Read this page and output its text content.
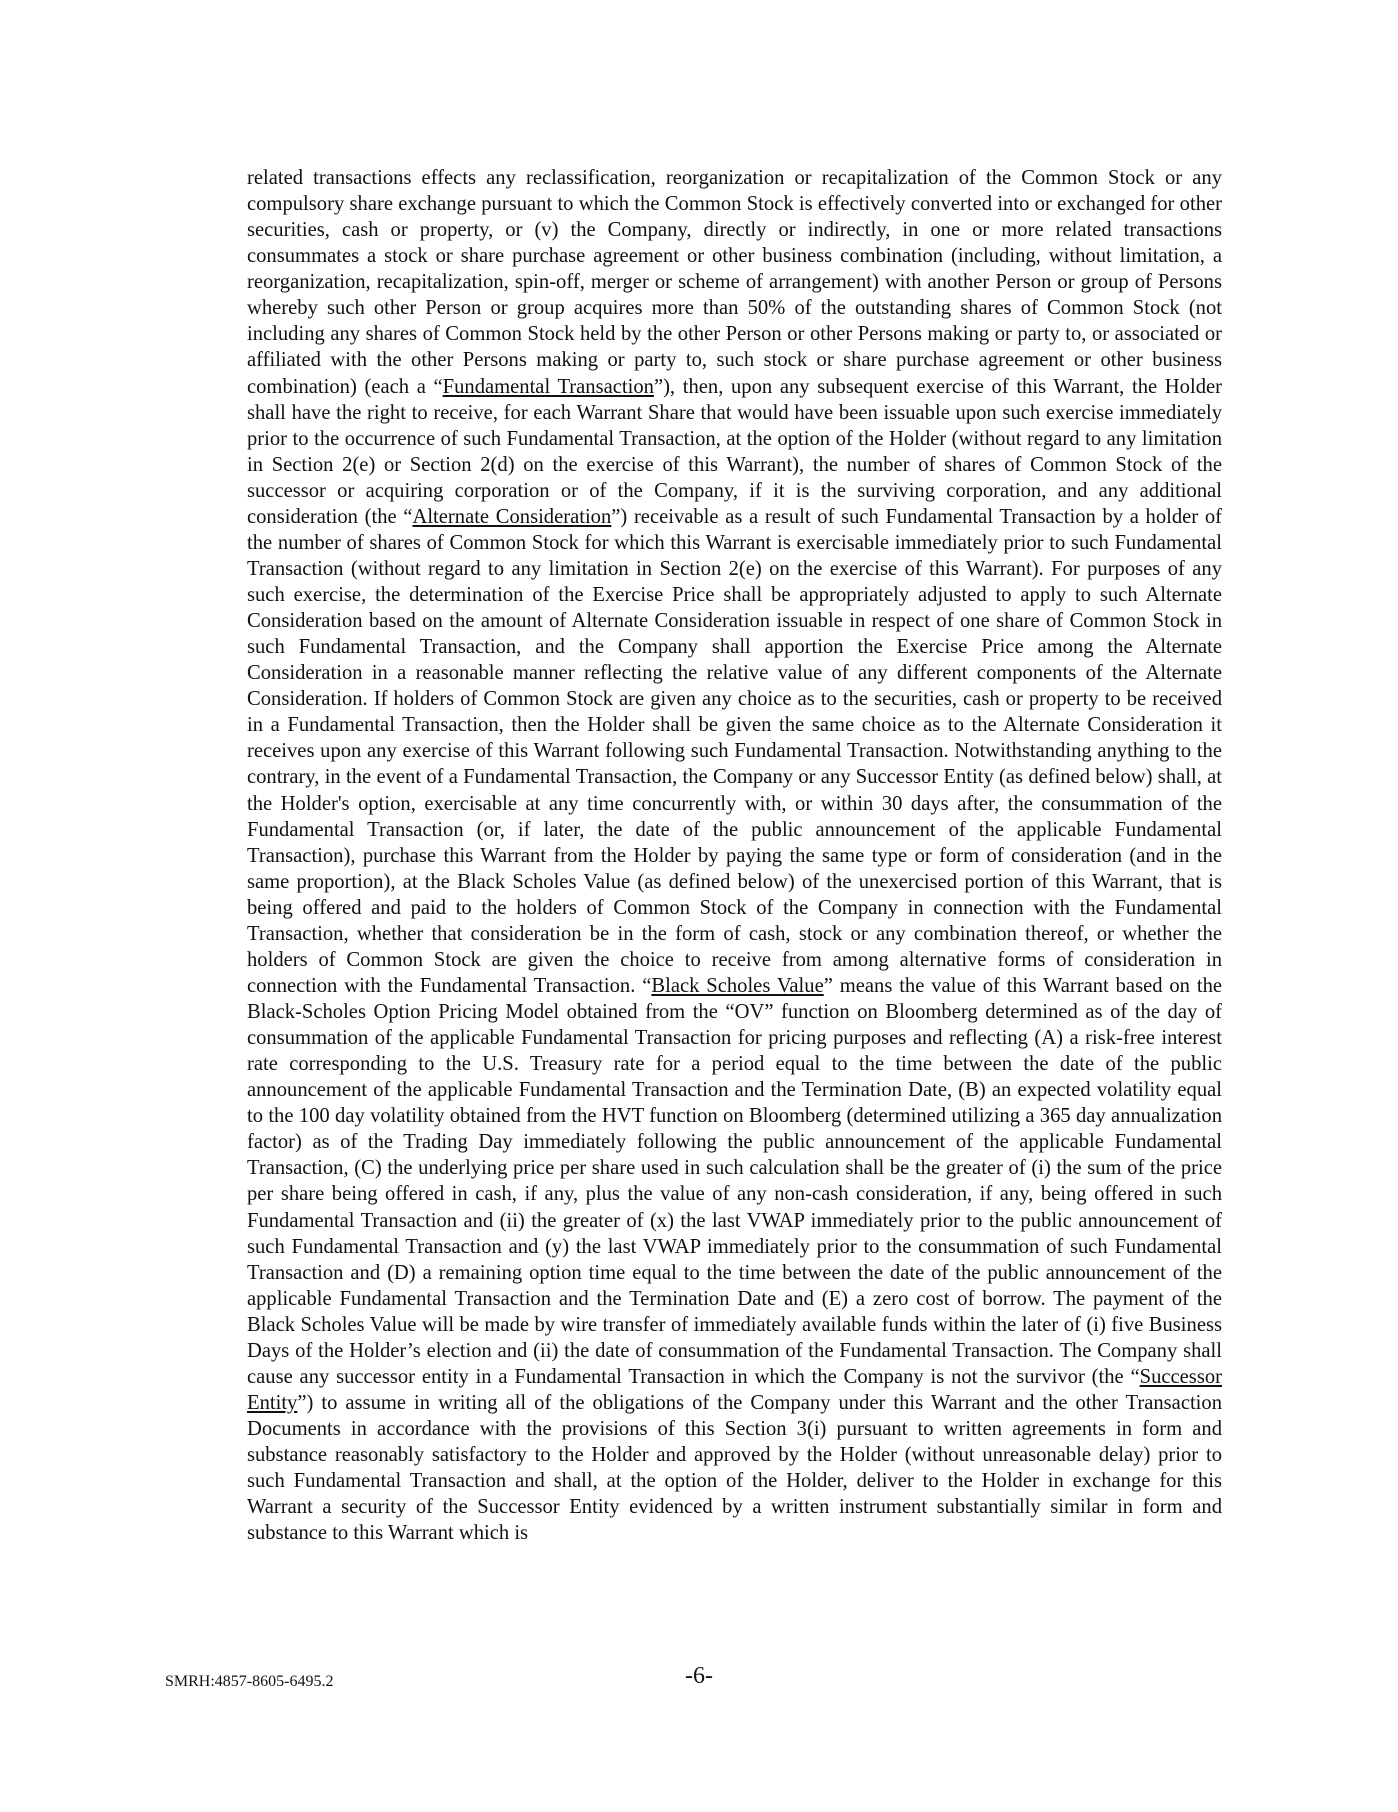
related transactions effects any reclassification, reorganization or recapitalization of the Common Stock or any compulsory share exchange pursuant to which the Common Stock is effectively converted into or exchanged for other securities, cash or property, or (v) the Company, directly or indirectly, in one or more related transactions consummates a stock or share purchase agreement or other business combination (including, without limitation, a reorganization, recapitalization, spin-off, merger or scheme of arrangement) with another Person or group of Persons whereby such other Person or group acquires more than 50% of the outstanding shares of Common Stock (not including any shares of Common Stock held by the other Person or other Persons making or party to, or associated or affiliated with the other Persons making or party to, such stock or share purchase agreement or other business combination) (each a “Fundamental Transaction”), then, upon any subsequent exercise of this Warrant, the Holder shall have the right to receive, for each Warrant Share that would have been issuable upon such exercise immediately prior to the occurrence of such Fundamental Transaction, at the option of the Holder (without regard to any limitation in Section 2(e) or Section 2(d) on the exercise of this Warrant), the number of shares of Common Stock of the successor or acquiring corporation or of the Company, if it is the surviving corporation, and any additional consideration (the “Alternate Consideration”) receivable as a result of such Fundamental Transaction by a holder of the number of shares of Common Stock for which this Warrant is exercisable immediately prior to such Fundamental Transaction (without regard to any limitation in Section 2(e) on the exercise of this Warrant). For purposes of any such exercise, the determination of the Exercise Price shall be appropriately adjusted to apply to such Alternate Consideration based on the amount of Alternate Consideration issuable in respect of one share of Common Stock in such Fundamental Transaction, and the Company shall apportion the Exercise Price among the Alternate Consideration in a reasonable manner reflecting the relative value of any different components of the Alternate Consideration. If holders of Common Stock are given any choice as to the securities, cash or property to be received in a Fundamental Transaction, then the Holder shall be given the same choice as to the Alternate Consideration it receives upon any exercise of this Warrant following such Fundamental Transaction. Notwithstanding anything to the contrary, in the event of a Fundamental Transaction, the Company or any Successor Entity (as defined below) shall, at the Holder's option, exercisable at any time concurrently with, or within 30 days after, the consummation of the Fundamental Transaction (or, if later, the date of the public announcement of the applicable Fundamental Transaction), purchase this Warrant from the Holder by paying the same type or form of consideration (and in the same proportion), at the Black Scholes Value (as defined below) of the unexercised portion of this Warrant, that is being offered and paid to the holders of Common Stock of the Company in connection with the Fundamental Transaction, whether that consideration be in the form of cash, stock or any combination thereof, or whether the holders of Common Stock are given the choice to receive from among alternative forms of consideration in connection with the Fundamental Transaction. “Black Scholes Value” means the value of this Warrant based on the Black-Scholes Option Pricing Model obtained from the “OV” function on Bloomberg determined as of the day of consummation of the applicable Fundamental Transaction for pricing purposes and reflecting (A) a risk-free interest rate corresponding to the U.S. Treasury rate for a period equal to the time between the date of the public announcement of the applicable Fundamental Transaction and the Termination Date, (B) an expected volatility equal to the 100 day volatility obtained from the HVT function on Bloomberg (determined utilizing a 365 day annualization factor) as of the Trading Day immediately following the public announcement of the applicable Fundamental Transaction, (C) the underlying price per share used in such calculation shall be the greater of (i) the sum of the price per share being offered in cash, if any, plus the value of any non-cash consideration, if any, being offered in such Fundamental Transaction and (ii) the greater of (x) the last VWAP immediately prior to the public announcement of such Fundamental Transaction and (y) the last VWAP immediately prior to the consummation of such Fundamental Transaction and (D) a remaining option time equal to the time between the date of the public announcement of the applicable Fundamental Transaction and the Termination Date and (E) a zero cost of borrow. The payment of the Black Scholes Value will be made by wire transfer of immediately available funds within the later of (i) five Business Days of the Holder’s election and (ii) the date of consummation of the Fundamental Transaction. The Company shall cause any successor entity in a Fundamental Transaction in which the Company is not the survivor (the “Successor Entity”) to assume in writing all of the obligations of the Company under this Warrant and the other Transaction Documents in accordance with the provisions of this Section 3(i) pursuant to written agreements in form and substance reasonably satisfactory to the Holder and approved by the Holder (without unreasonable delay) prior to such Fundamental Transaction and shall, at the option of the Holder, deliver to the Holder in exchange for this Warrant a security of the Successor Entity evidenced by a written instrument substantially similar in form and substance to this Warrant which is

SMRH:4857-8605-6495.2	-6-
